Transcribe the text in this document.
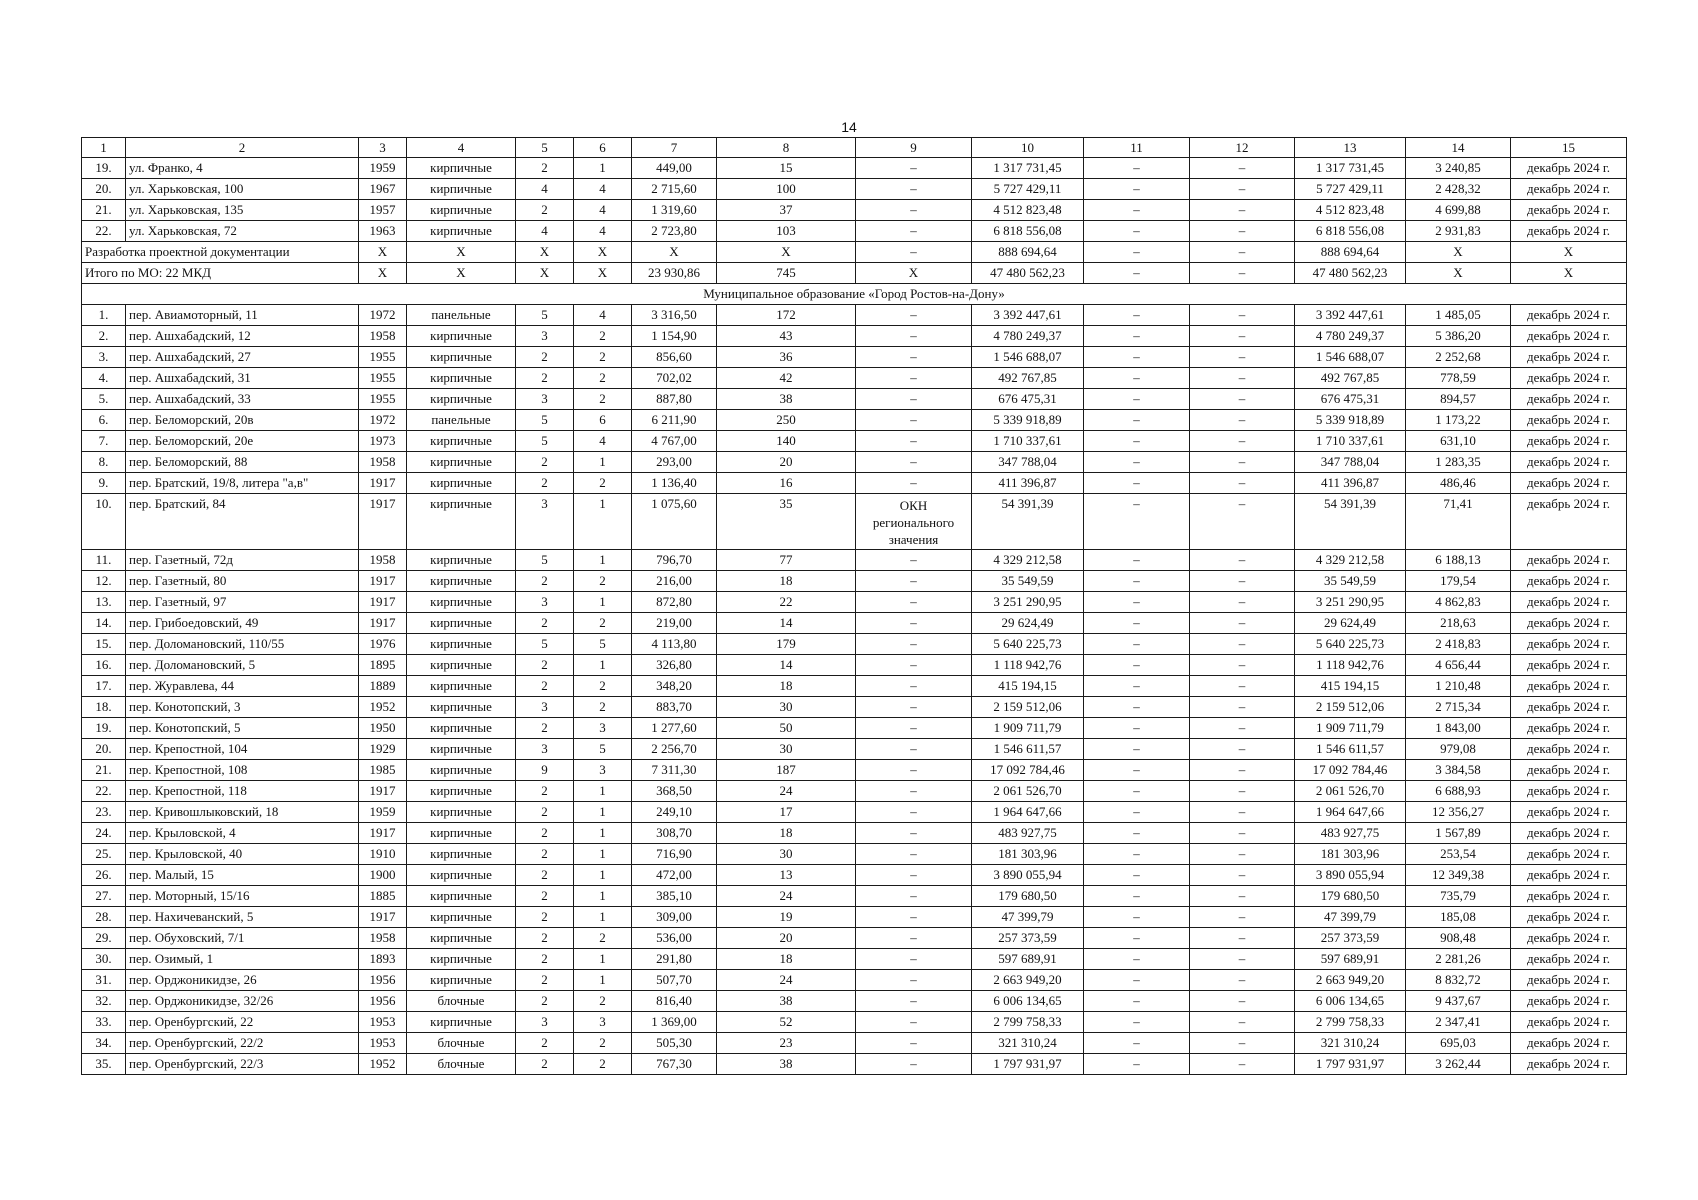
14
1	2	3	4	5	6	7	8	9	10	11	12	13	14	15
19.	ул. Франко, 4	1959	кирпичные	2	1	449,00	15	–	1 317 731,45	–	–	1 317 731,45	3 240,85	декабрь 2024 г.
20.	ул. Харьковская, 100	1967	кирпичные	4	4	2 715,60	100	–	5 727 429,11	–	–	5 727 429,11	2 428,32	декабрь 2024 г.
21.	ул. Харьковская, 135	1957	кирпичные	2	4	1 319,60	37	–	4 512 823,48	–	–	4 512 823,48	4 699,88	декабрь 2024 г.
22.	ул. Харьковская, 72	1963	кирпичные	4	4	2 723,80	103	–	6 818 556,08	–	–	6 818 556,08	2 931,83	декабрь 2024 г.
Разработка проектной документации		X	X	X	X	X	X	–	888 694,64	–	–	888 694,64	X	X
Итого по МО: 22 МКД		X	X	X	X	23 930,86	745	X	47 480 562,23	–	–	47 480 562,23	X	X
Муниципальное образование «Город Ростов-на-Дону»														
1.	пер. Авиамоторный, 11	1972	панельные	5	4	3 316,50	172	–	3 392 447,61	–	–	3 392 447,61	1 485,05	декабрь 2024 г.
2.	пер. Ашхабадский, 12	1958	кирпичные	3	2	1 154,90	43	–	4 780 249,37	–	–	4 780 249,37	5 386,20	декабрь 2024 г.
3.	пер. Ашхабадский, 27	1955	кирпичные	2	2	856,60	36	–	1 546 688,07	–	–	1 546 688,07	2 252,68	декабрь 2024 г.
4.	пер. Ашхабадский, 31	1955	кирпичные	2	2	702,02	42	–	492 767,85	–	–	492 767,85	778,59	декабрь 2024 г.
5.	пер. Ашхабадский, 33	1955	кирпичные	3	2	887,80	38	–	676 475,31	–	–	676 475,31	894,57	декабрь 2024 г.
6.	пер. Беломорский, 20в	1972	панельные	5	6	6 211,90	250	–	5 339 918,89	–	–	5 339 918,89	1 173,22	декабрь 2024 г.
7.	пер. Беломорский, 20е	1973	кирпичные	5	4	4 767,00	140	–	1 710 337,61	–	–	1 710 337,61	631,10	декабрь 2024 г.
8.	пер. Беломорский, 88	1958	кирпичные	2	1	293,00	20	–	347 788,04	–	–	347 788,04	1 283,35	декабрь 2024 г.
9.	пер. Братский, 19/8, литера "а,в"	1917	кирпичные	2	2	1 136,40	16	–	411 396,87	–	–	411 396,87	486,46	декабрь 2024 г.
10.	пер. Братский, 84	1917	кирпичные	3	1	1 075,60	35	ОКН регионального значения	54 391,39	–	–	54 391,39	71,41	декабрь 2024 г.
11.	пер. Газетный, 72д	1958	кирпичные	5	1	796,70	77	–	4 329 212,58	–	–	4 329 212,58	6 188,13	декабрь 2024 г.
12.	пер. Газетный, 80	1917	кирпичные	2	2	216,00	18	–	35 549,59	–	–	35 549,59	179,54	декабрь 2024 г.
13.	пер. Газетный, 97	1917	кирпичные	3	1	872,80	22	–	3 251 290,95	–	–	3 251 290,95	4 862,83	декабрь 2024 г.
14.	пер. Грибоедовский, 49	1917	кирпичные	2	2	219,00	14	–	29 624,49	–	–	29 624,49	218,63	декабрь 2024 г.
15.	пер. Доломановский, 110/55	1976	кирпичные	5	5	4 113,80	179	–	5 640 225,73	–	–	5 640 225,73	2 418,83	декабрь 2024 г.
16.	пер. Доломановский, 5	1895	кирпичные	2	1	326,80	14	–	1 118 942,76	–	–	1 118 942,76	4 656,44	декабрь 2024 г.
17.	пер. Журавлева, 44	1889	кирпичные	2	2	348,20	18	–	415 194,15	–	–	415 194,15	1 210,48	декабрь 2024 г.
18.	пер. Конотопский, 3	1952	кирпичные	3	2	883,70	30	–	2 159 512,06	–	–	2 159 512,06	2 715,34	декабрь 2024 г.
19.	пер. Конотопский, 5	1950	кирпичные	2	3	1 277,60	50	–	1 909 711,79	–	–	1 909 711,79	1 843,00	декабрь 2024 г.
20.	пер. Крепостной, 104	1929	кирпичные	3	5	2 256,70	30	–	1 546 611,57	–	–	1 546 611,57	979,08	декабрь 2024 г.
21.	пер. Крепостной, 108	1985	кирпичные	9	3	7 311,30	187	–	17 092 784,46	–	–	17 092 784,46	3 384,58	декабрь 2024 г.
22.	пер. Крепостной, 118	1917	кирпичные	2	1	368,50	24	–	2 061 526,70	–	–	2 061 526,70	6 688,93	декабрь 2024 г.
23.	пер. Кривошлыковский, 18	1959	кирпичные	2	1	249,10	17	–	1 964 647,66	–	–	1 964 647,66	12 356,27	декабрь 2024 г.
24.	пер. Крыловской, 4	1917	кирпичные	2	1	308,70	18	–	483 927,75	–	–	483 927,75	1 567,89	декабрь 2024 г.
25.	пер. Крыловской, 40	1910	кирпичные	2	1	716,90	30	–	181 303,96	–	–	181 303,96	253,54	декабрь 2024 г.
26.	пер. Малый, 15	1900	кирпичные	2	1	472,00	13	–	3 890 055,94	–	–	3 890 055,94	12 349,38	декабрь 2024 г.
27.	пер. Моторный, 15/16	1885	кирпичные	2	1	385,10	24	–	179 680,50	–	–	179 680,50	735,79	декабрь 2024 г.
28.	пер. Нахичеванский, 5	1917	кирпичные	2	1	309,00	19	–	47 399,79	–	–	47 399,79	185,08	декабрь 2024 г.
29.	пер. Обуховский, 7/1	1958	кирпичные	2	2	536,00	20	–	257 373,59	–	–	257 373,59	908,48	декабрь 2024 г.
30.	пер. Озимый, 1	1893	кирпичные	2	1	291,80	18	–	597 689,91	–	–	597 689,91	2 281,26	декабрь 2024 г.
31.	пер. Орджоникидзе, 26	1956	кирпичные	2	1	507,70	24	–	2 663 949,20	–	–	2 663 949,20	8 832,72	декабрь 2024 г.
32.	пер. Орджоникидзе, 32/26	1956	блочные	2	2	816,40	38	–	6 006 134,65	–	–	6 006 134,65	9 437,67	декабрь 2024 г.
33.	пер. Оренбургский, 22	1953	кирпичные	3	3	1 369,00	52	–	2 799 758,33	–	–	2 799 758,33	2 347,41	декабрь 2024 г.
34.	пер. Оренбургский, 22/2	1953	блочные	2	2	505,30	23	–	321 310,24	–	–	321 310,24	695,03	декабрь 2024 г.
35.	пер. Оренбургский, 22/3	1952	блочные	2	2	767,30	38	–	1 797 931,97	–	–	1 797 931,97	3 262,44	декабрь 2024 г.
